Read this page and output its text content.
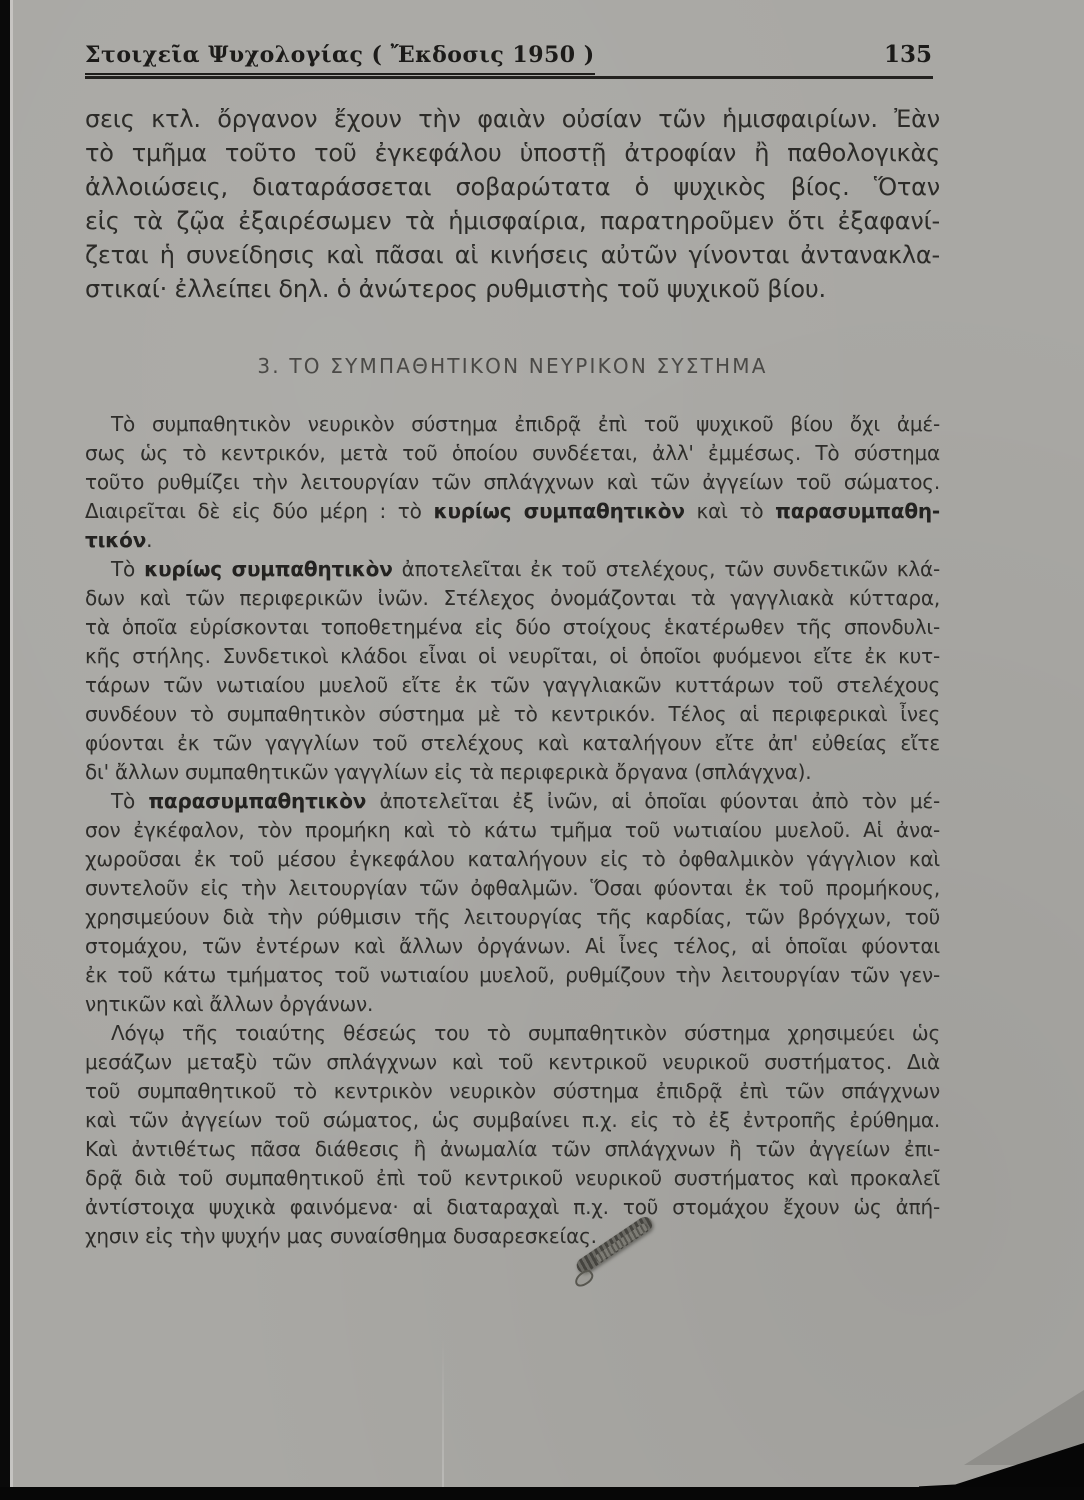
Στοιχεῖα Ψυχολογίας ( Ἔκδοσις 1950 )	135
σεις κτλ. ὄργανον ἔχουν τὴν φαιὰν οὐσίαν τῶν ἡμισφαιρίων. Ἐὰν
τὸ τμῆμα τοῦτο τοῦ ἐγκεφάλου ὑποστῇ ἀτροφίαν ἢ παθολογικὰς
ἀλλοιώσεις, διαταράσσεται σοβαρώτατα ὁ ψυχικὸς βίος. Ὅταν
εἰς τὰ ζῷα ἐξαιρέσωμεν τὰ ἡμισφαίρια, παρατηροῦμεν ὅτι ἐξαφανί-
ζεται ἡ συνείδησις καὶ πᾶσαι αἱ κινήσεις αὐτῶν γίνονται ἀντανακλα-
στικαί· ἐλλείπει δηλ. ὁ ἀνώτερος ρυθμιστὴς τοῦ ψυχικοῦ βίου.
3. ΤΟ ΣΥΜΠΑΘΗΤΙΚΟΝ ΝΕΥΡΙΚΟΝ ΣΥΣΤΗΜΑ
Τὸ συμπαθητικὸν νευρικὸν σύστημα ἐπιδρᾷ ἐπὶ τοῦ ψυχικοῦ βίου ὄχι ἀμέ-
σως ὡς τὸ κεντρικόν, μετὰ τοῦ ὁποίου συνδέεται, ἀλλ' ἐμμέσως. Τὸ σύστημα
τοῦτο ρυθμίζει τὴν λειτουργίαν τῶν σπλάγχνων καὶ τῶν ἀγγείων τοῦ σώματος.
Διαιρεῖται δὲ εἰς δύο μέρη : τὸ κυρίως συμπαθητικὸν καὶ τὸ παρασυμπαθη-
τικόν.
Τὸ κυρίως συμπαθητικὸν ἀποτελεῖται ἐκ τοῦ στελέχους, τῶν συνδετικῶν κλά-
δων καὶ τῶν περιφερικῶν ἰνῶν. Στέλεχος ὀνομάζονται τὰ γαγγλιακὰ κύτταρα,
τὰ ὁποῖα εὑρίσκονται τοποθετημένα εἰς δύο στοίχους ἑκατέρωθεν τῆς σπονδυλι-
κῆς στήλης. Συνδετικοὶ κλάδοι εἶναι οἱ νευρῖται, οἱ ὁποῖοι φυόμενοι εἴτε ἐκ κυτ-
τάρων τῶν νωτιαίου μυελοῦ εἴτε ἐκ τῶν γαγγλιακῶν κυττάρων τοῦ στελέχους
συνδέουν τὸ συμπαθητικὸν σύστημα μὲ τὸ κεντρικόν. Τέλος αἱ περιφερικαὶ ἶνες
φύονται ἐκ τῶν γαγγλίων τοῦ στελέχους καὶ καταλήγουν εἴτε ἀπ' εὐθείας εἴτε
δι' ἄλλων συμπαθητικῶν γαγγλίων εἰς τὰ περιφερικὰ ὄργανα (σπλάγχνα).
Τὸ παρασυμπαθητικὸν ἀποτελεῖται ἐξ ἰνῶν, αἱ ὁποῖαι φύονται ἀπὸ τὸν μέ-
σον ἐγκέφαλον, τὸν προμήκη καὶ τὸ κάτω τμῆμα τοῦ νωτιαίου μυελοῦ. Αἱ ἀνα-
χωροῦσαι ἐκ τοῦ μέσου ἐγκεφάλου καταλήγουν εἰς τὸ ὀφθαλμικὸν γάγγλιον καὶ
συντελοῦν εἰς τὴν λειτουργίαν τῶν ὀφθαλμῶν. Ὅσαι φύονται ἐκ τοῦ προμήκους,
χρησιμεύουν διὰ τὴν ρύθμισιν τῆς λειτουργίας τῆς καρδίας, τῶν βρόγχων, τοῦ
στομάχου, τῶν ἐντέρων καὶ ἄλλων ὀργάνων. Αἱ ἶνες τέλος, αἱ ὁποῖαι φύονται
ἐκ τοῦ κάτω τμήματος τοῦ νωτιαίου μυελοῦ, ρυθμίζουν τὴν λειτουργίαν τῶν γεν-
νητικῶν καὶ ἄλλων ὀργάνων.
Λόγῳ τῆς τοιαύτης θέσεώς του τὸ συμπαθητικὸν σύστημα χρησιμεύει ὡς
μεσάζων μεταξὺ τῶν σπλάγχνων καὶ τοῦ κεντρικοῦ νευρικοῦ συστήματος. Διὰ
τοῦ συμπαθητικοῦ τὸ κεντρικὸν νευρικὸν σύστημα ἐπιδρᾷ ἐπὶ τῶν σπάγχνων
καὶ τῶν ἀγγείων τοῦ σώματος, ὡς συμβαίνει π.χ. εἰς τὸ ἐξ ἐντροπῆς ἐρύθημα.
Καὶ ἀντιθέτως πᾶσα διάθεσις ἢ ἀνωμαλία τῶν σπλάγχνων ἢ τῶν ἀγγείων ἐπι-
δρᾷ διὰ τοῦ συμπαθητικοῦ ἐπὶ τοῦ κεντρικοῦ νευρικοῦ συστήματος καὶ προκαλεῖ
ἀντίστοιχα ψυχικὰ φαινόμενα· αἱ διαταραχαὶ π.χ. τοῦ στομάχου ἔχουν ὡς ἀπή-
χησιν εἰς τὴν ψυχήν μας συναίσθημα δυσαρεσκείας.
